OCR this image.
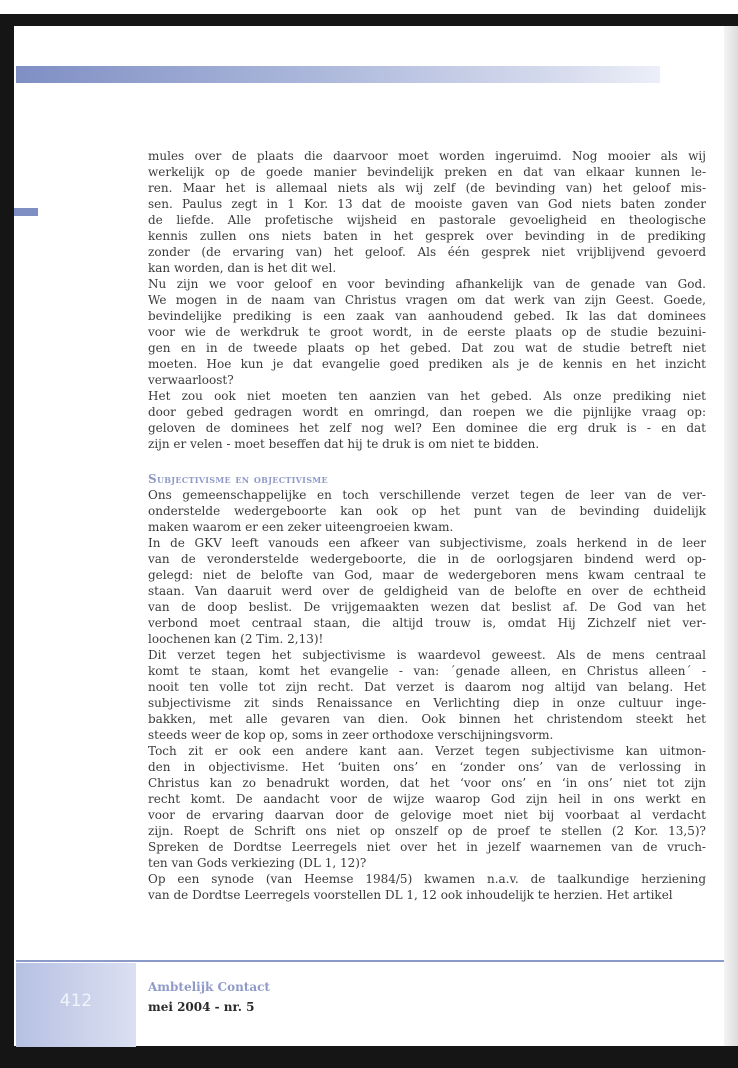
mules over de plaats die daarvoor moet worden ingeruimd. Nog mooier als wij
werkelijk op de goede manier bevindelijk preken en dat van elkaar kunnen le-
ren. Maar het is allemaal niets als wij zelf (de bevinding van) het geloof mis-
sen. Paulus zegt in 1 Kor. 13 dat de mooiste gaven van God niets baten zonder
de liefde. Alle profetische wijsheid en pastorale gevoeligheid en theologische
kennis zullen ons niets baten in het gesprek over bevinding in de prediking
zonder (de ervaring van) het geloof. Als één gesprek niet vrijblijvend gevoerd
kan worden, dan is het dit wel.
Nu zijn we voor geloof en voor bevinding afhankelijk van de genade van God.
We mogen in de naam van Christus vragen om dat werk van zijn Geest. Goede,
bevindelijke prediking is een zaak van aanhoudend gebed. Ik las dat dominees
voor wie de werkdruk te groot wordt, in de eerste plaats op de studie bezuini-
gen en in de tweede plaats op het gebed. Dat zou wat de studie betreft niet
moeten. Hoe kun je dat evangelie goed prediken als je de kennis en het inzicht
verwaarloost?
Het zou ook niet moeten ten aanzien van het gebed. Als onze prediking niet
door gebed gedragen wordt en omringd, dan roepen we die pijnlijke vraag op:
geloven de dominees het zelf nog wel? Een dominee die erg druk is - en dat
zijn er velen - moet beseffen dat hij te druk is om niet te bidden.
Subjectivisme en objectivisme
Ons gemeenschappelijke en toch verschillende verzet tegen de leer van de ver-
onderstelde wedergeboorte kan ook op het punt van de bevinding duidelijk
maken waarom er een zeker uiteengroeien kwam.
In de GKV leeft vanouds een afkeer van subjectivisme, zoals herkend in de leer
van de veronderstelde wedergeboorte, die in de oorlogsjaren bindend werd op-
gelegd: niet de belofte van God, maar de wedergeboren mens kwam centraal te
staan. Van daaruit werd over de geldigheid van de belofte en over de echtheid
van de doop beslist. De vrijgemaakten wezen dat beslist af. De God van het
verbond moet centraal staan, die altijd trouw is, omdat Hij Zichzelf niet ver-
loochenen kan (2 Tim. 2,13)!
Dit verzet tegen het subjectivisme is waardevol geweest. Als de mens centraal
komt te staan, komt het evangelie - van: ´genade alleen, en Christus alleen´ -
nooit ten volle tot zijn recht. Dat verzet is daarom nog altijd van belang. Het
subjectivisme zit sinds Renaissance en Verlichting diep in onze cultuur inge-
bakken, met alle gevaren van dien. Ook binnen het christendom steekt het
steeds weer de kop op, soms in zeer orthodoxe verschijningsvorm.
Toch zit er ook een andere kant aan. Verzet tegen subjectivisme kan uitmon-
den in objectivisme. Het ‘buiten ons’ en ‘zonder ons’ van de verlossing in
Christus kan zo benadrukt worden, dat het ‘voor ons’ en ‘in ons’ niet tot zijn
recht komt. De aandacht voor de wijze waarop God zijn heil in ons werkt en
voor de ervaring daarvan door de gelovige moet niet bij voorbaat al verdacht
zijn. Roept de Schrift ons niet op onszelf op de proef te stellen (2 Kor. 13,5)?
Spreken de Dordtse Leerregels niet over het in jezelf waarnemen van de vruch-
ten van Gods verkiezing (DL 1, 12)?
Op een synode (van Heemse 1984/5) kwamen n.a.v. de taalkundige herziening
van de Dordtse Leerregels voorstellen DL 1, 12 ook inhoudelijk te herzien. Het artikel
412
Ambtelijk Contact
mei 2004 - nr. 5
